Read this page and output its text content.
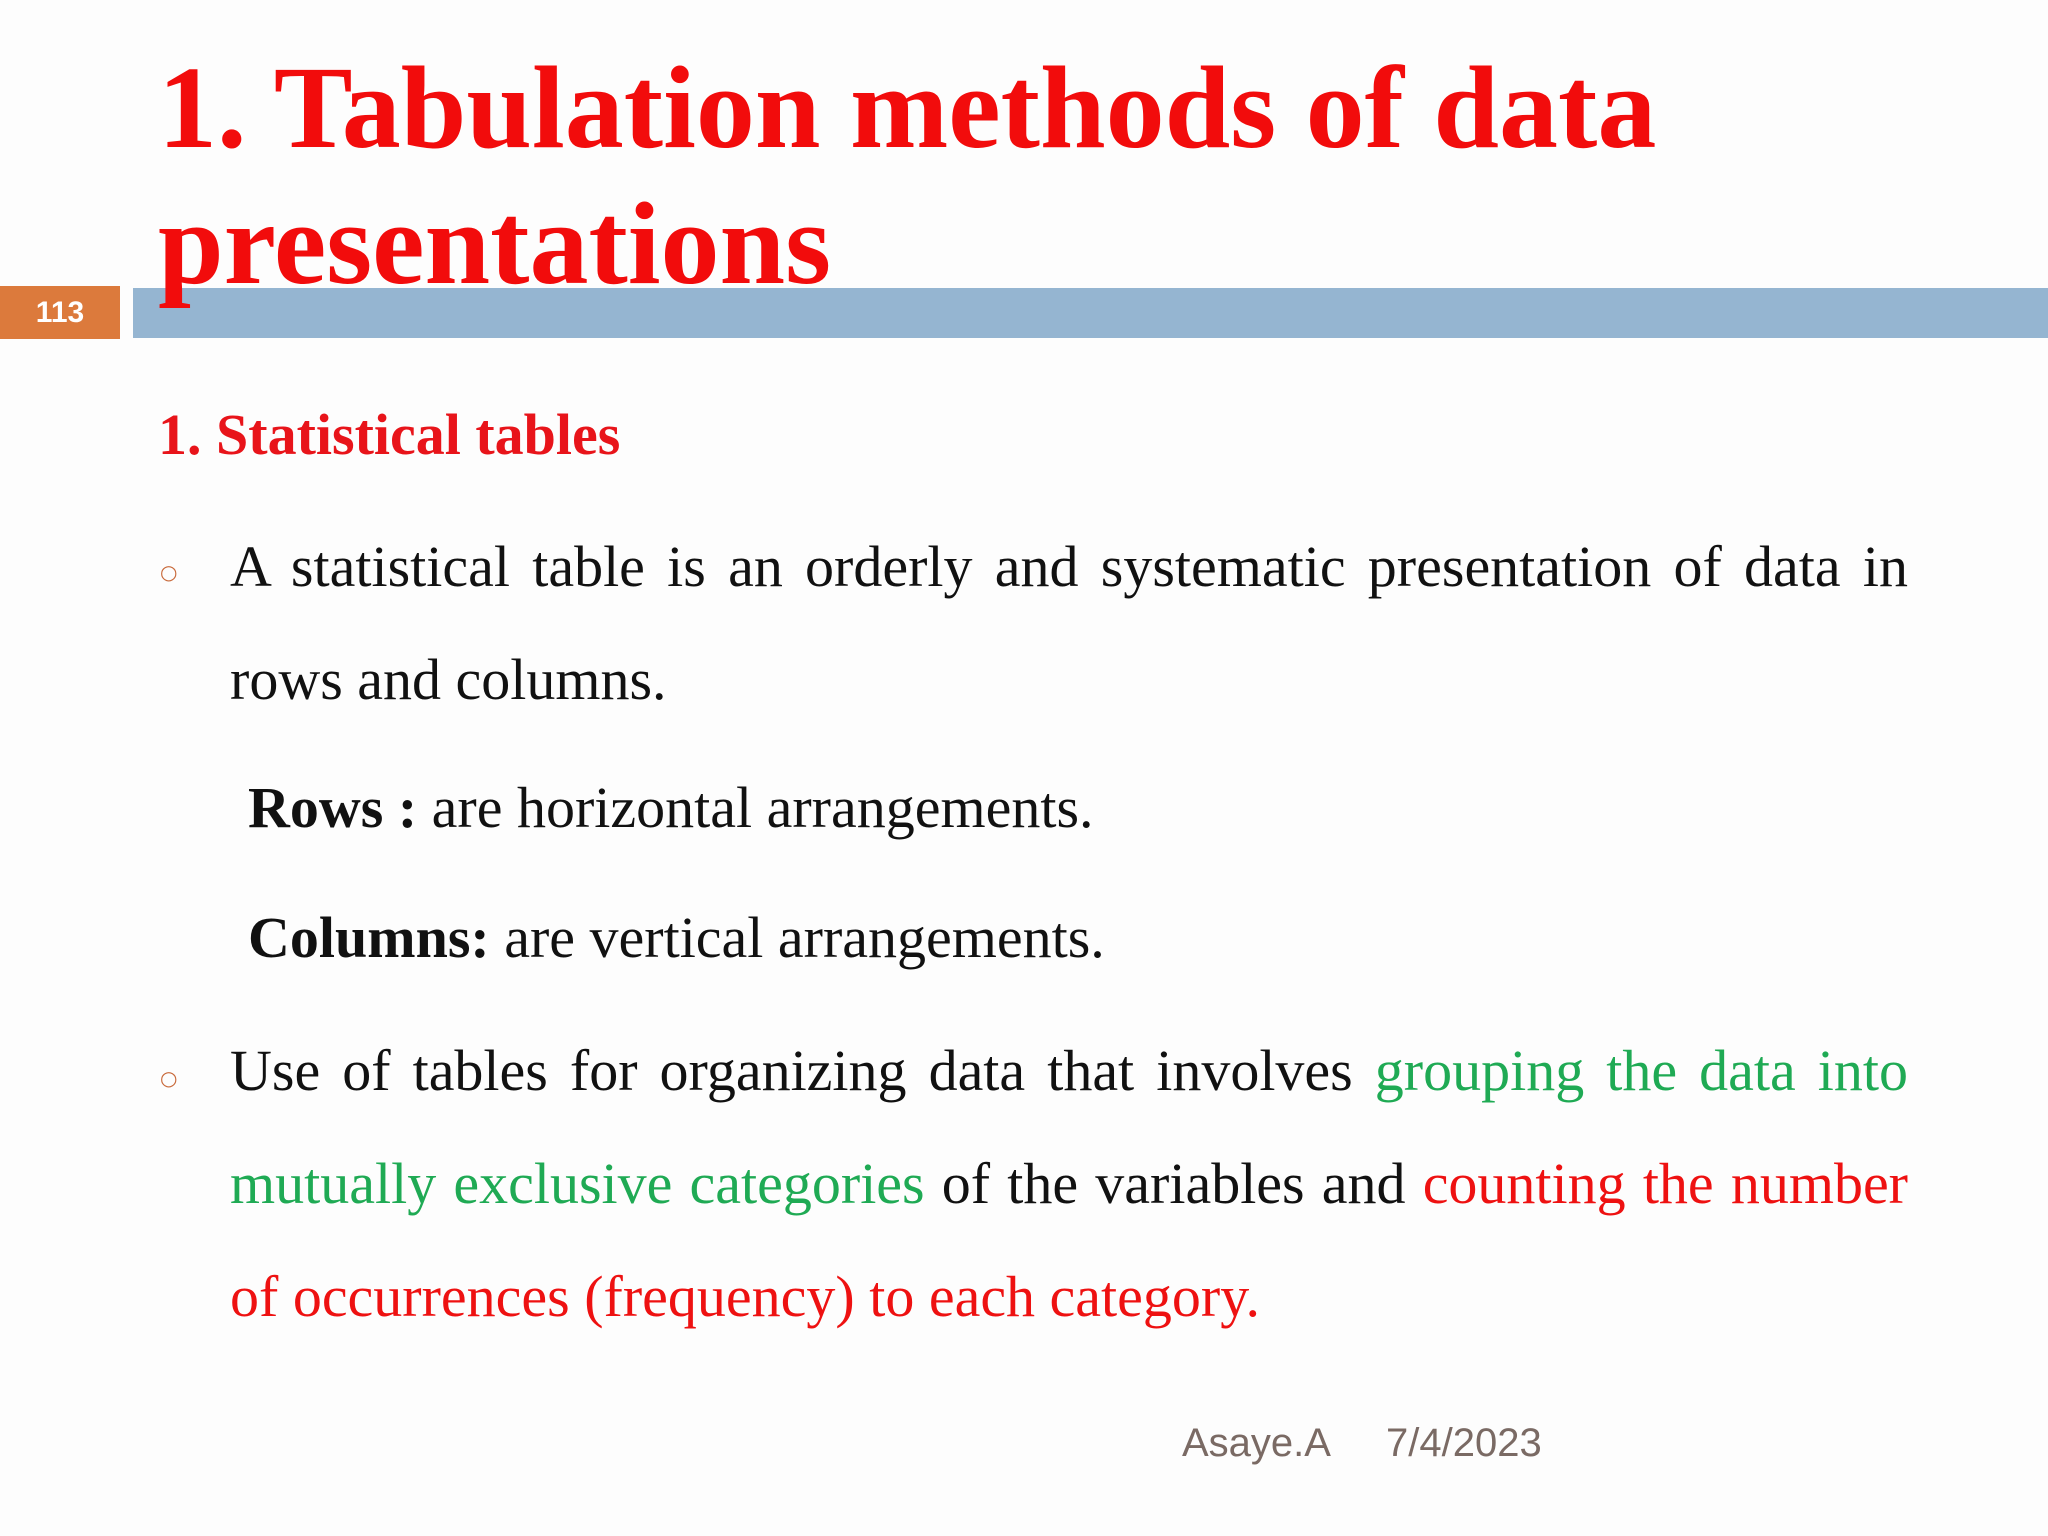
1. Tabulation methods of data
presentations
113
1. Statistical tables
○ A statistical table is an orderly and systematic presentation of data in rows and columns.
Rows : are horizontal arrangements.
Columns: are vertical arrangements.
○ Use of tables for organizing data that involves grouping the data into mutually exclusive categories of the variables and counting the number of occurrences (frequency) to each category.
Asaye.A 7/4/2023
